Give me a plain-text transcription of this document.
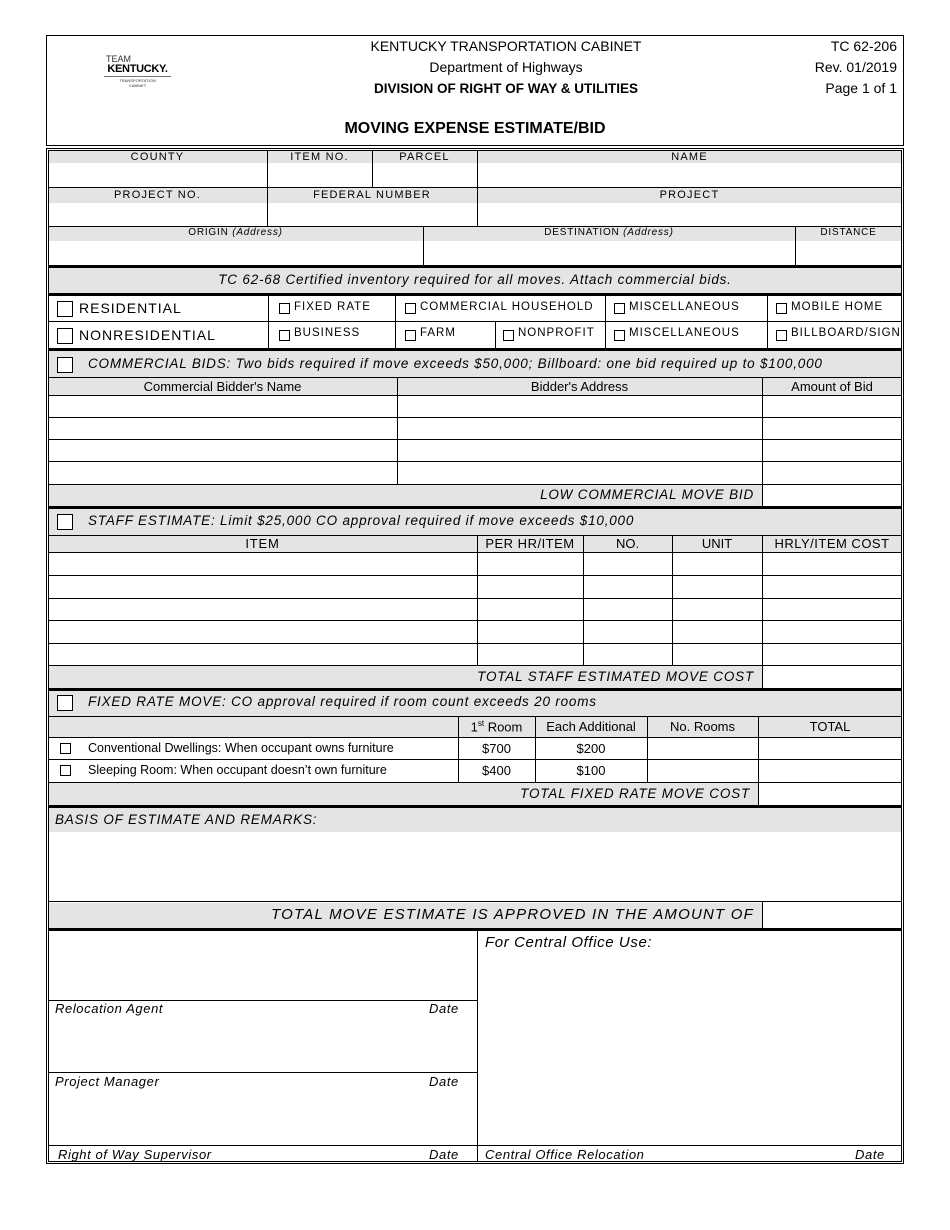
TEAM
KENTUCKY.
TRANSPORTATION CABINET
KENTUCKY TRANSPORTATION CABINET
Department of Highways
DIVISION OF RIGHT OF WAY & UTILITIES
TC 62-206
Rev. 01/2019
Page 1 of 1
MOVING EXPENSE ESTIMATE/BID
COUNTY	ITEM NO.	PARCEL	NAME
PROJECT NO.	FEDERAL NUMBER	PROJECT
ORIGIN (Address)	DESTINATION (Address)	DISTANCE
TC 62-68 Certified inventory required for all moves. Attach commercial bids.
RESIDENTIAL
NONRESIDENTIAL
FIXED RATE	COMMERCIAL HOUSEHOLD	MISCELLANEOUS	MOBILE HOME
BUSINESS	FARM	NONPROFIT	MISCELLANEOUS	BILLBOARD/SIGN
COMMERCIAL BIDS: Two bids required if move exceeds $50,000; Billboard: one bid required up to $100,000
Commercial Bidder's Name	Bidder's Address	Amount of Bid
LOW COMMERCIAL MOVE BID
STAFF ESTIMATE: Limit $25,000 CO approval required if move exceeds $10,000
ITEM	PER HR/ITEM	NO.	UNIT	HRLY/ITEM COST
TOTAL STAFF ESTIMATED MOVE COST
FIXED RATE MOVE: CO approval required if room count exceeds 20 rooms
1st Room	Each Additional	No. Rooms	TOTAL
Conventional Dwellings: When occupant owns furniture	$700	$200
Sleeping Room: When occupant doesn’t own furniture	$400	$100
TOTAL FIXED RATE MOVE COST
BASIS OF ESTIMATE AND REMARKS:
TOTAL MOVE ESTIMATE IS APPROVED IN THE AMOUNT OF
For Central Office Use:
Relocation Agent	Date
Project Manager	Date
Right of Way Supervisor	Date Central Office Relocation	Date
